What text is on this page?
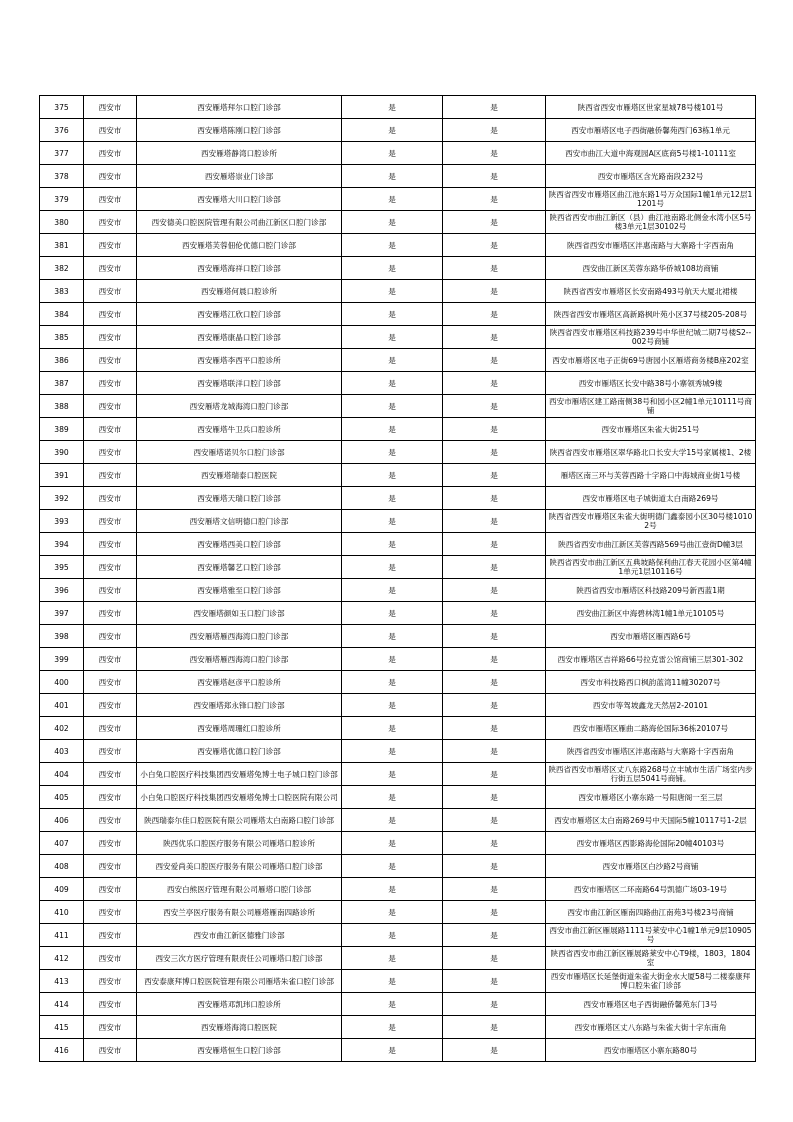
375	西安市	西安雁塔拜尔口腔门诊部	是	是	陕西省西安市雁塔区世家星城78号楼101号
376	西安市	西安雁塔陈刚口腔门诊部	是	是	西安市雁塔区电子西街融侨馨苑西门63栋1单元
377	西安市	西安雁塔静湾口腔诊所	是	是	西安市曲江大道中海观园A区底商5号楼1-10111室
378	西安市	西安雁塔崇业门诊部	是	是	西安市雁塔区含光路南段232号
379	西安市	西安雁塔大川口腔门诊部	是	是	陕西省西安市雁塔区曲江池东路1号万众国际1幢1单元12层11201号
380	西安市	西安德美口腔医院管理有限公司曲江新区口腔门诊部	是	是	陕西省西安市曲江新区（县）曲江池南路北侧金水湾小区5号楼3单元1层30102号
381	西安市	西安雁塔芙蓉佃伦优德口腔门诊部	是	是	陕西省西安市雁塔区沣惠南路与大寨路十字西南角
382	西安市	西安雁塔海祥口腔门诊部	是	是	西安曲江新区芙蓉东路华侨城108坊商铺
383	西安市	西安雁塔何晨口腔诊所	是	是	陕西省西安市雁塔区长安南路493号航天大厦北裙楼
384	西安市	西安雁塔江欣口腔门诊部	是	是	陕西省西安市雁塔区高新路枫叶苑小区37号楼205-208号
385	西安市	西安雁塔康晶口腔门诊部	是	是	陕西省西安市雁塔区科技路239号中华世纪城二期7号楼S2--002号商铺
386	西安市	西安雁塔李西平口腔诊所	是	是	西安市雁塔区电子正街69号唐园小区雁塔商务楼B座202室
387	西安市	西安雁塔联洋口腔门诊部	是	是	西安市雁塔区长安中路38号小寨领秀城9楼
388	西安市	西安雁塔龙城海湾口腔门诊部	是	是	西安市雁塔区建工路南侧38号和园小区2幢1单元10111号商铺
389	西安市	西安雁塔牛卫兵口腔诊所	是	是	西安市雁塔区朱雀大街251号
390	西安市	西安雁塔诺贝尔口腔门诊部	是	是	陕西省西安市雁塔区翠华路北口长安大学15号家属楼1、2楼
391	西安市	西安雁塔瑞泰口腔医院	是	是	雁塔区南三环与芙蓉西路十字路口中海城商业街1号楼
392	西安市	西安雁塔天瑞口腔门诊部	是	是	西安市雁塔区电子城街道太白南路269号
393	西安市	西安雁塔文信明德口腔门诊部	是	是	陕西省西安市雁塔区朱雀大街明德门鑫泰园小区30号楼10102号
394	西安市	西安雁塔西美口腔门诊部	是	是	陕西省西安市曲江新区芙蓉西路569号曲江壹街D幢3层
395	西安市	西安雁塔馨艺口腔门诊部	是	是	陕西省西安市曲江新区五典坡路保利曲江春天花园小区第4幢1单元1层10116号
396	西安市	西安雁塔雅至口腔门诊部	是	是	陕西省西安市雁塔区科技路209号新西蓝1期
397	西安市	西安雁塔颜如玉口腔门诊部	是	是	西安曲江新区中海碧林湾1幢1单元10105号
398	西安市	西安雁塔雁西海湾口腔门诊部	是	是	西安市雁塔区雁西路6号
399	西安市	西安雁塔雁西海湾口腔门诊部	是	是	西安市雁塔区吉祥路66号拉克雷公馆商铺三层301-302
400	西安市	西安雁塔赵彦平口腔诊所	是	是	西安市科技路西口枫韵蓝湾11幢30207号
401	西安市	西安雁塔郑永锋口腔门诊部	是	是	西安市等驾坡鑫龙天然居2-20101
402	西安市	西安雁塔周珊红口腔诊所	是	是	西安市雁塔区雁曲二路海伦国际36栋20107号
403	西安市	西安雁塔优德口腔门诊部	是	是	陕西省西安市雁塔区沣惠南路与大寨路十字西南角
404	西安市	小白兔口腔医疗科技集团西安雁塔兔博士电子城口腔门诊部	是	是	陕西省西安市雁塔区丈八东路268号立丰城市生活广场室内步行街五层5041号商铺。
405	西安市	小白兔口腔医疗科技集团西安雁塔兔博士口腔医院有限公司	是	是	西安市雁塔区小寨东路一号阳唐阁一至三层
406	西安市	陕西瑞泰尔佳口腔医院有限公司雁塔太白南路口腔门诊部	是	是	西安市雁塔区太白南路269号中天国际5幢10117号1-2层
407	西安市	陕西优乐口腔医疗服务有限公司雁塔口腔诊所	是	是	西安市雁塔区西影路海伦国际20幢40103号
408	西安市	西安爱尚美口腔医疗服务有限公司雁塔口腔门诊部	是	是	西安市雁塔区白沙路2号商铺
409	西安市	西安白熊医疗管理有限公司雁塔口腔门诊部	是	是	西安市雁塔区二环南路64号凯德广场03-19号
410	西安市	西安兰亭医疗服务有限公司雁塔雁南四路诊所	是	是	西安市曲江新区雁南四路曲江南苑3号楼23号商铺
411	西安市	西安市曲江新区德雅门诊部	是	是	西安市曲江新区雁展路1111号莱安中心1幢1单元9层10905号
412	西安市	西安三次方医疗管理有限责任公司雁塔口腔门诊部	是	是	陕西省西安市曲江新区雁展路莱安中心T9楼，1803，1804室
413	西安市	西安泰康拜博口腔医院管理有限公司雁塔朱雀口腔门诊部	是	是	西安市雁塔区长延堡街道朱雀大街金水大厦58号二楼泰康拜博口腔朱雀门诊部
414	西安市	西安雁塔邓凯玮口腔诊所	是	是	西安市雁塔区电子西街融侨馨苑东门3号
415	西安市	西安雁塔海湾口腔医院	是	是	西安市雁塔区丈八东路与朱雀大街十字东南角
416	西安市	西安雁塔恒生口腔门诊部	是	是	西安市雁塔区小寨东路80号
